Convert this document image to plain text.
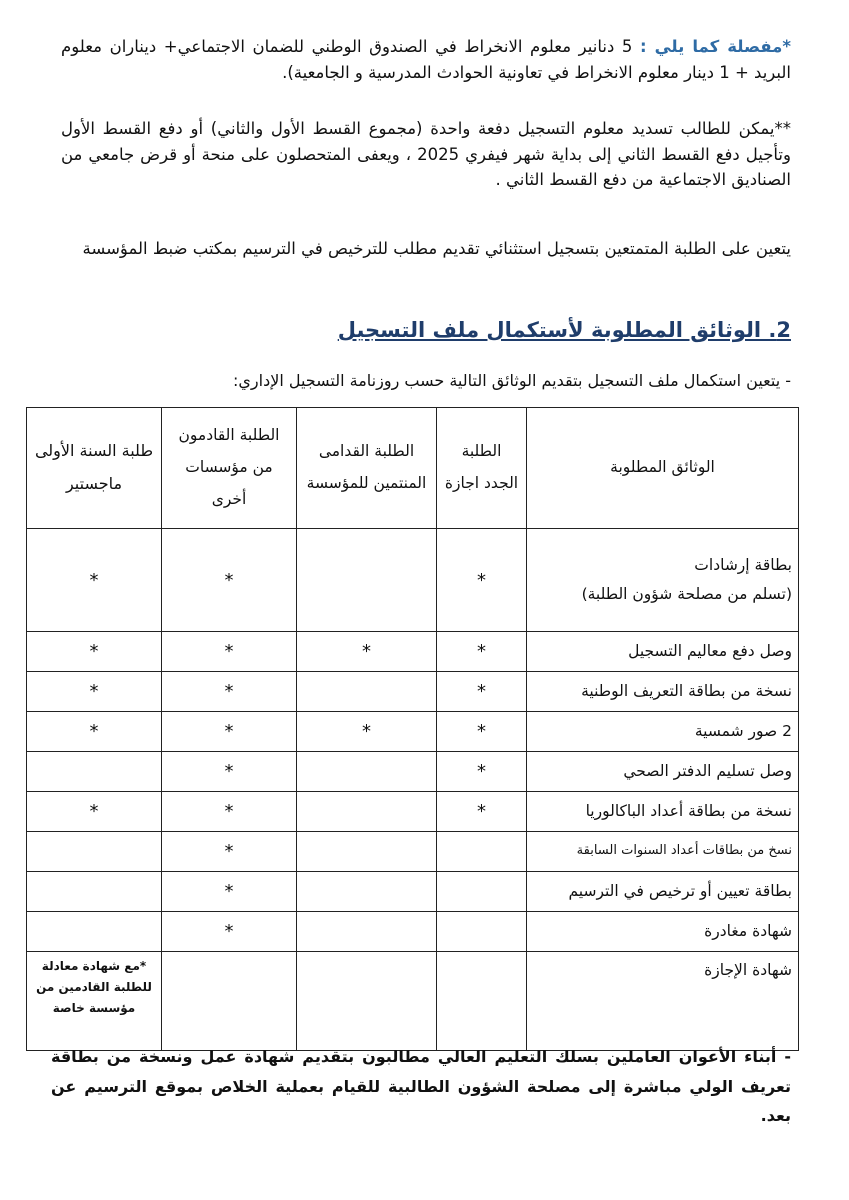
*مفصلة كما يلي : 5 دنانير معلوم الانخراط في الصندوق الوطني للضمان الاجتماعي+ ديناران معلوم البريد + 1 دينار معلوم الانخراط في تعاونية الحوادث المدرسية و الجامعية).

**يمكن للطالب تسديد معلوم التسجيل دفعة واحدة (مجموع القسط الأول والثاني) أو دفع القسط الأول وتأجيل دفع القسط الثاني إلى بداية شهر فيفري 2025 ، ويعفى المتحصلون على منحة أو قرض جامعي من الصناديق الاجتماعية من دفع القسط الثاني .

يتعين على الطلبة المتمتعين بتسجيل استثنائي تقديم مطلب للترخيص في الترسيم بمكتب ضبط المؤسسة

2. الوثائق المطلوبة لأستكمال ملف التسجيل
- يتعين استكمال ملف التسجيل بتقديم الوثائق التالية حسب روزنامة التسجيل الإداري:
الوثائق المطلوبة	الطلبة الجدد اجازة	الطلبة القدامى المنتمين للمؤسسة	الطلبة القادمون من مؤسسات أخرى	طلبة السنة الأولى ماجستير
بطاقة إرشادات
(تسلم من مصلحة شؤون الطلبة)	*		*	*
وصل دفع معاليم التسجيل	*	*	*	*
نسخة من بطاقة التعريف الوطنية	*		*	*
2 صور شمسية	*	*	*	*
وصل تسليم الدفتر الصحي	*		*	
نسخة من بطاقة أعداد الباكالوريا	*		*	*
نسخ من بطاقات أعداد السنوات السابقة			*	
بطاقة تعيين أو ترخيص في الترسيم			*	
شهادة مغادرة			*	
شهادة الإجازة				*مع شهادة معادلة للطلبة القادمين من مؤسسة خاصة

- أبناء الأعوان العاملين بسلك التعليم العالي مطالبون بتقديم شهادة عمل ونسخة من بطاقة تعريف الولي مباشرة إلى مصلحة الشؤون الطالبية للقيام بعملية الخلاص بموقع الترسيم عن بعد.
